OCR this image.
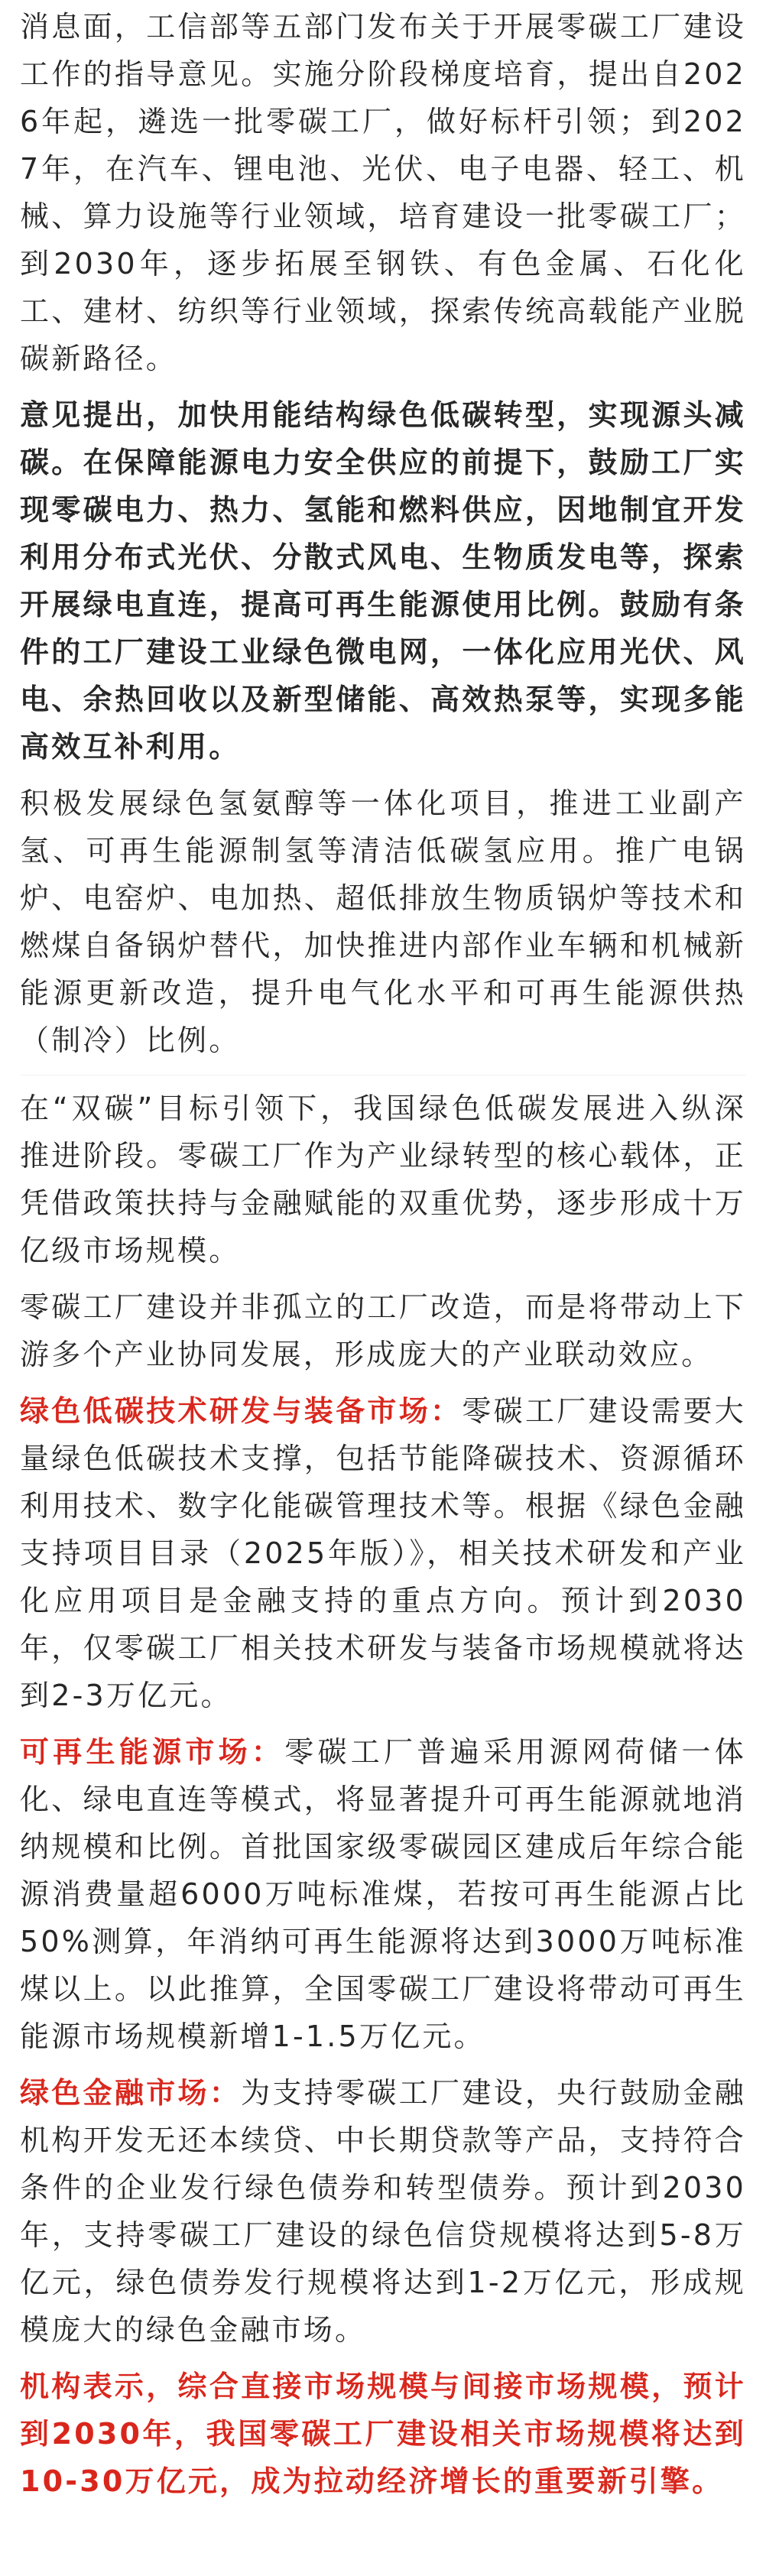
消息面，工信部等五部门发布关于开展零碳工厂建设工作的指导意见。实施分阶段梯度培育，提出自2026年起，遴选一批零碳工厂，做好标杆引领；到2027年，在汽车、锂电池、光伏、电子电器、轻工、机械、算力设施等行业领域，培育建设一批零碳工厂；到2030年，逐步拓展至钢铁、有色金属、石化化工、建材、纺织等行业领域，探索传统高载能产业脱碳新路径。

意见提出，加快用能结构绿色低碳转型，实现源头减碳。在保障能源电力安全供应的前提下，鼓励工厂实现零碳电力、热力、氢能和燃料供应，因地制宜开发利用分布式光伏、分散式风电、生物质发电等，探索开展绿电直连，提高可再生能源使用比例。鼓励有条件的工厂建设工业绿色微电网，一体化应用光伏、风电、余热回收以及新型储能、高效热泵等，实现多能高效互补利用。

积极发展绿色氢氨醇等一体化项目，推进工业副产氢、可再生能源制氢等清洁低碳氢应用。推广电锅炉、电窑炉、电加热、超低排放生物质锅炉等技术和燃煤自备锅炉替代，加快推进内部作业车辆和机械新能源更新改造，提升电气化水平和可再生能源供热（制冷）比例。

在“双碳”目标引领下，我国绿色低碳发展进入纵深推进阶段。零碳工厂作为产业绿转型的核心载体，正凭借政策扶持与金融赋能的双重优势，逐步形成十万亿级市场规模。

零碳工厂建设并非孤立的工厂改造，而是将带动上下游多个产业协同发展，形成庞大的产业联动效应。

绿色低碳技术研发与装备市场：零碳工厂建设需要大量绿色低碳技术支撑，包括节能降碳技术、资源循环利用技术、数字化能碳管理技术等。根据《绿色金融支持项目目录（2025年版）》，相关技术研发和产业化应用项目是金融支持的重点方向。预计到2030年，仅零碳工厂相关技术研发与装备市场规模就将达到2-3万亿元。

可再生能源市场：零碳工厂普遍采用源网荷储一体化、绿电直连等模式，将显著提升可再生能源就地消纳规模和比例。首批国家级零碳园区建成后年综合能源消费量超6000万吨标准煤，若按可再生能源占比50%测算，年消纳可再生能源将达到3000万吨标准煤以上。以此推算，全国零碳工厂建设将带动可再生能源市场规模新增1-1.5万亿元。

绿色金融市场：为支持零碳工厂建设，央行鼓励金融机构开发无还本续贷、中长期贷款等产品，支持符合条件的企业发行绿色债券和转型债券。预计到2030年，支持零碳工厂建设的绿色信贷规模将达到5-8万亿元，绿色债券发行规模将达到1-2万亿元，形成规模庞大的绿色金融市场。

机构表示，综合直接市场规模与间接市场规模，预计到2030年，我国零碳工厂建设相关市场规模将达到10-30万亿元，成为拉动经济增长的重要新引擎。
